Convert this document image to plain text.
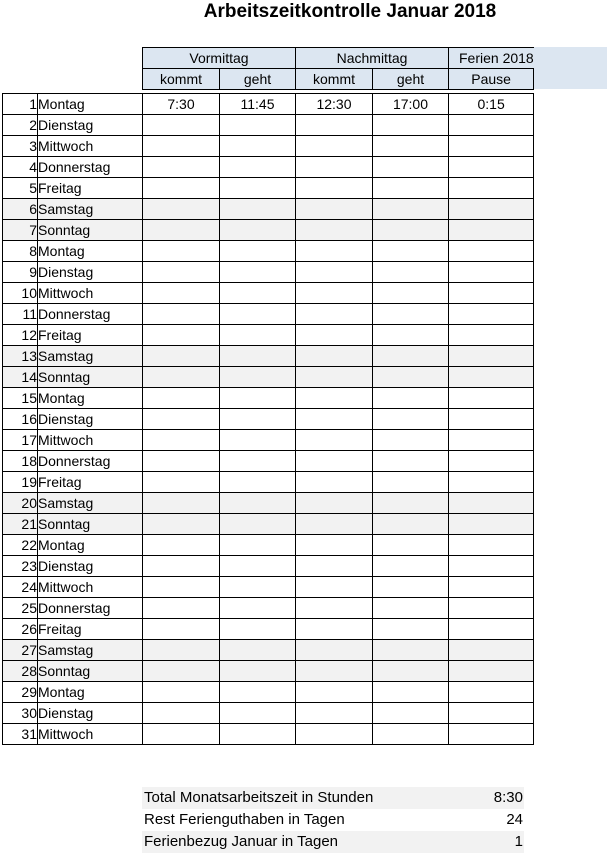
Arbeitszeitkontrolle Januar 2018
		Vormittag		Nachmittag		Ferien 2018
		kommt	geht	kommt	geht	Pause

1	Montag	7:30	11:45	12:30	17:00	0:15
2	Dienstag					
3	Mittwoch					
4	Donnerstag					
5	Freitag					
6	Samstag					
7	Sonntag					
8	Montag					
9	Dienstag					
10	Mittwoch					
11	Donnerstag					
12	Freitag					
13	Samstag					
14	Sonntag					
15	Montag					
16	Dienstag					
17	Mittwoch					
18	Donnerstag					
19	Freitag					
20	Samstag					
21	Sonntag					
22	Montag					
23	Dienstag					
24	Mittwoch					
25	Donnerstag					
26	Freitag					
27	Samstag					
28	Sonntag					
29	Montag					
30	Dienstag					
31	Mittwoch					
Total Monatsarbeitszeit in Stunden	8:30
Rest Ferienguthaben in Tagen	24
Ferienbezug Januar in Tagen	1
